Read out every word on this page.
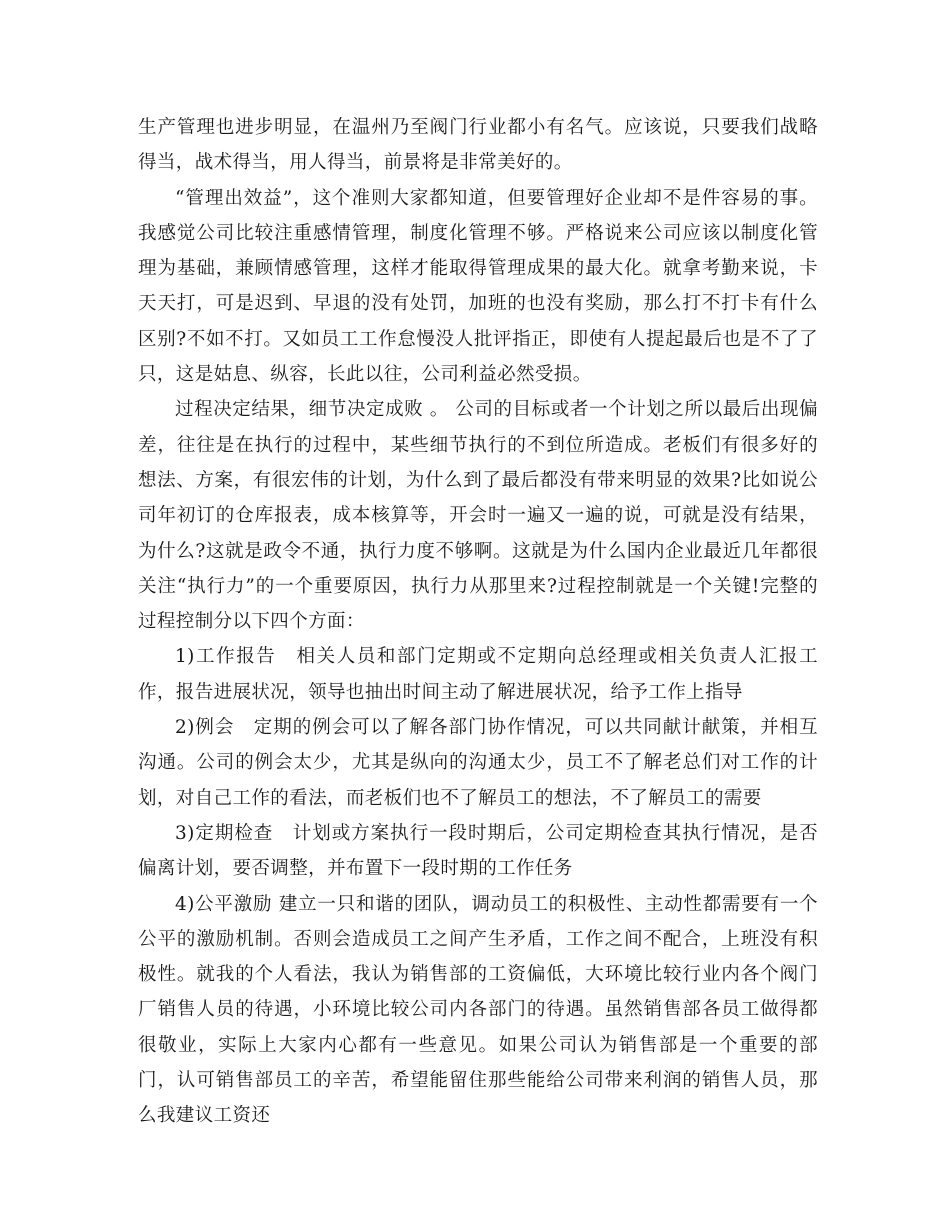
生产管理也进步明显，在温州乃至阀门行业都小有名气。应该说，只要我们战略得当，战术得当，用人得当，前景将是非常美好的。

“管理出效益”，这个准则大家都知道，但要管理好企业却不是件容易的事。我感觉公司比较注重感情管理，制度化管理不够。严格说来公司应该以制度化管理为基础，兼顾情感管理，这样才能取得管理成果的最大化。就拿考勤来说，卡天天打，可是迟到、早退的没有处罚，加班的也没有奖励，那么打不打卡有什么区别?不如不打。又如员工工作怠慢没人批评指正，即使有人提起最后也是不了了只，这是姑息、纵容，长此以往，公司利益必然受损。

过程决定结果，细节决定成败 。 公司的目标或者一个计划之所以最后出现偏差，往往是在执行的过程中，某些细节执行的不到位所造成。老板们有很多好的想法、方案，有很宏伟的计划，为什么到了最后都没有带来明显的效果?比如说公司年初订的仓库报表，成本核算等，开会时一遍又一遍的说，可就是没有结果，为什么?这就是政令不通，执行力度不够啊。这就是为什么国内企业最近几年都很关注“执行力”的一个重要原因，执行力从那里来?过程控制就是一个关键!完整的过程控制分以下四个方面：

1)工作报告　相关人员和部门定期或不定期向总经理或相关负责人汇报工作，报告进展状况，领导也抽出时间主动了解进展状况，给予工作上指导

2)例会　定期的例会可以了解各部门协作情况，可以共同献计献策，并相互沟通。公司的例会太少，尤其是纵向的沟通太少，员工不了解老总们对工作的计划，对自己工作的看法，而老板们也不了解员工的想法，不了解员工的需要

3)定期检查　计划或方案执行一段时期后，公司定期检查其执行情况，是否偏离计划，要否调整，并布置下一段时期的工作任务

4)公平激励 建立一只和谐的团队，调动员工的积极性、主动性都需要有一个公平的激励机制。否则会造成员工之间产生矛盾，工作之间不配合，上班没有积极性。就我的个人看法，我认为销售部的工资偏低，大环境比较行业内各个阀门厂销售人员的待遇，小环境比较公司内各部门的待遇。虽然销售部各员工做得都很敬业，实际上大家内心都有一些意见。如果公司认为销售部是一个重要的部门，认可销售部员工的辛苦，希望能留住那些能给公司带来利润的销售人员，那么我建议工资还
